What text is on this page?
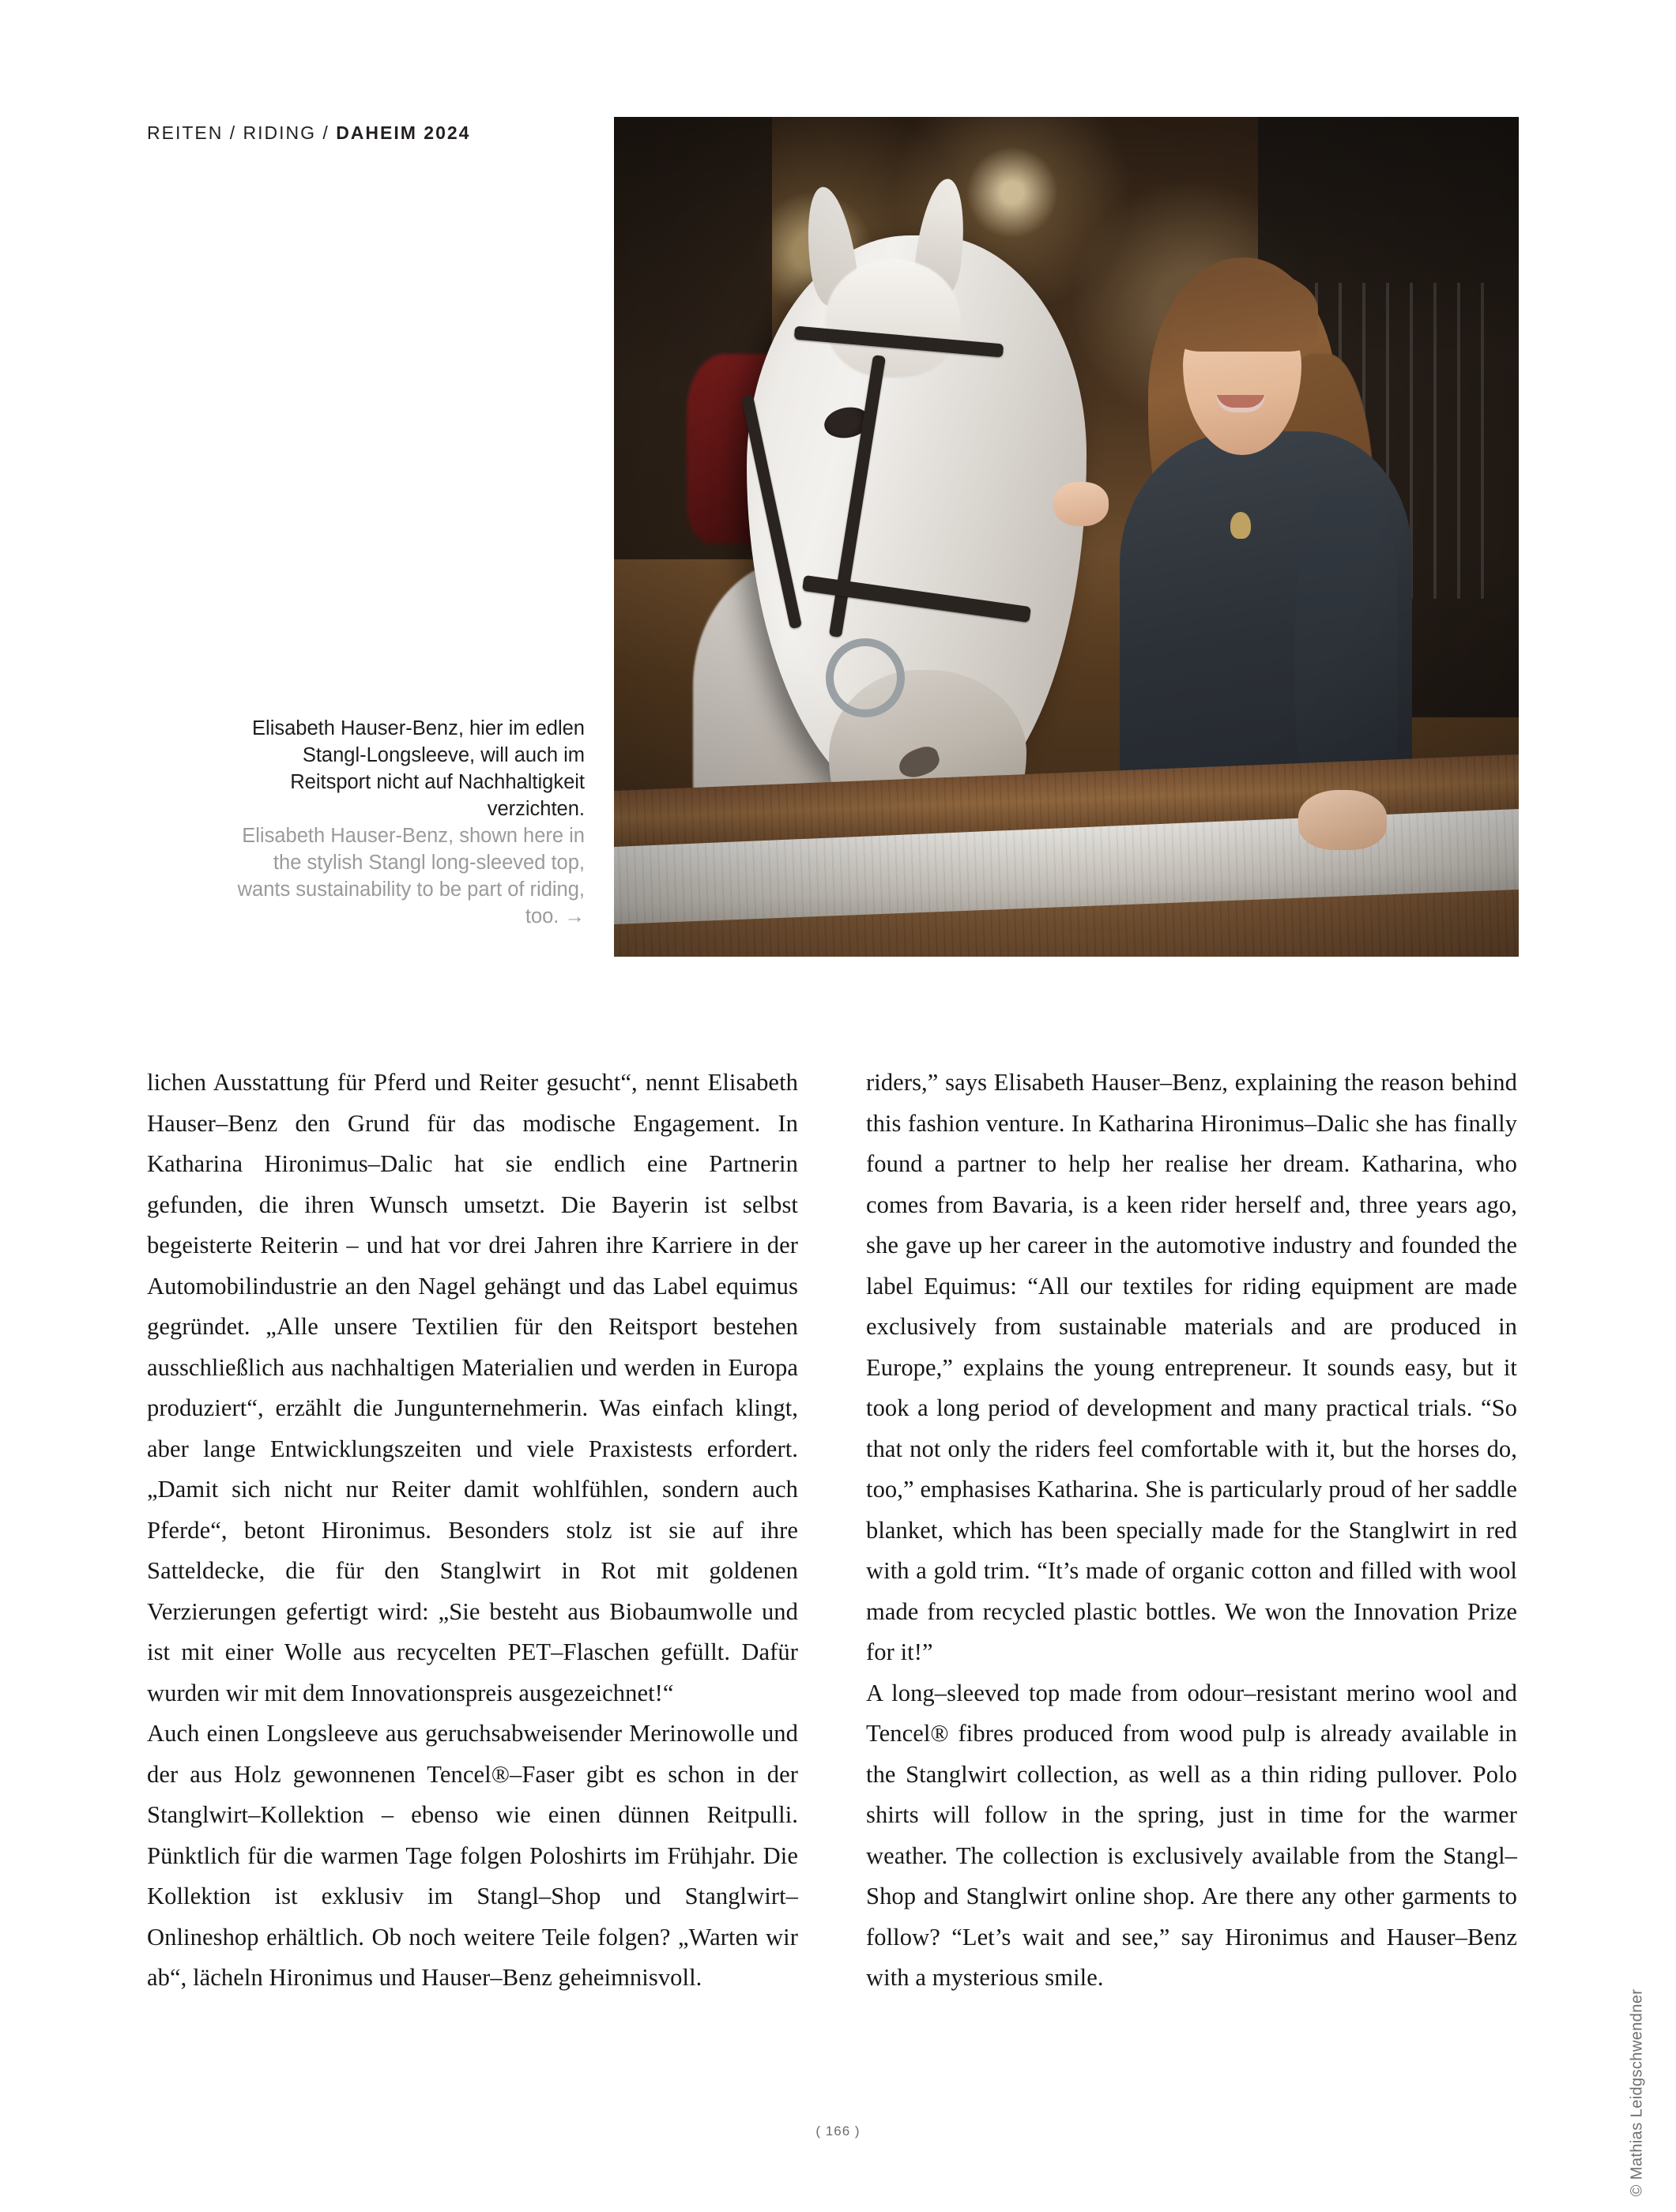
REITEN / RIDING / DAHEIM 2024
Elisabeth Hauser-Benz, hier im edlen Stangl-Longsleeve, will auch im Reitsport nicht auf Nachhaltigkeit verzichten.
Elisabeth Hauser-Benz, shown here in the stylish Stangl long-sleeved top, wants sustainability to be part of riding, too. →

lichen Ausstattung für Pferd und Reiter gesucht“, nennt Elisabeth Hauser–Benz den Grund für das modische Engagement. In Katharina Hironimus–Dalic hat sie endlich eine Partnerin gefunden, die ihren Wunsch umsetzt. Die Bayerin ist selbst begeisterte Reiterin – und hat vor drei Jahren ihre Karriere in der Automobilindustrie an den Nagel gehängt und das Label equimus gegründet. „Alle unsere Textilien für den Reitsport bestehen ausschließlich aus nachhaltigen Materialien und werden in Europa produziert“, erzählt die Jungunternehmerin. Was einfach klingt, aber lange Entwicklungszeiten und viele Praxistests erfordert. „Damit sich nicht nur Reiter damit wohlfühlen, sondern auch Pferde“, betont Hironimus. Besonders stolz ist sie auf ihre Satteldecke, die für den Stanglwirt in Rot mit goldenen Verzierungen gefertigt wird: „Sie besteht aus Biobaumwolle und ist mit einer Wolle aus recycelten PET–Flaschen gefüllt. Dafür wurden wir mit dem Innovationspreis ausgezeichnet!“

Auch einen Longsleeve aus geruchsabweisender Merinowolle und der aus Holz gewonnenen Tencel®–Faser gibt es schon in der Stanglwirt–Kollektion – ebenso wie einen dünnen Reitpulli. Pünktlich für die warmen Tage folgen Poloshirts im Frühjahr. Die Kollektion ist exklusiv im Stangl–Shop und Stanglwirt–Onlineshop erhältlich. Ob noch weitere Teile folgen? „Warten wir ab“, lächeln Hironimus und Hauser–Benz geheimnisvoll.

riders,” says Elisabeth Hauser–Benz, explaining the reason behind this fashion venture. In Katharina Hironimus–Dalic she has finally found a partner to help her realise her dream. Katharina, who comes from Bavaria, is a keen rider herself and, three years ago, she gave up her career in the automotive industry and founded the label Equimus: “All our textiles for riding equipment are made exclusively from sustainable materials and are produced in Europe,” explains the young entrepreneur. It sounds easy, but it took a long period of development and many practical trials. “So that not only the riders feel comfortable with it, but the horses do, too,” emphasises Katharina. She is particularly proud of her saddle blanket, which has been specially made for the Stanglwirt in red with a gold trim. “It’s made of organic cotton and filled with wool made from recycled plastic bottles. We won the Innovation Prize for it!”

A long–sleeved top made from odour–resistant merino wool and Tencel® fibres produced from wood pulp is already available in the Stanglwirt collection, as well as a thin riding pullover. Polo shirts will follow in the spring, just in time for the warmer weather. The collection is exclusively available from the Stangl–Shop and Stanglwirt online shop. Are there any other garments to follow? “Let’s wait and see,” say Hironimus and Hauser–Benz with a mysterious smile.

© Mathias Leidgschwendner
( 166 )
